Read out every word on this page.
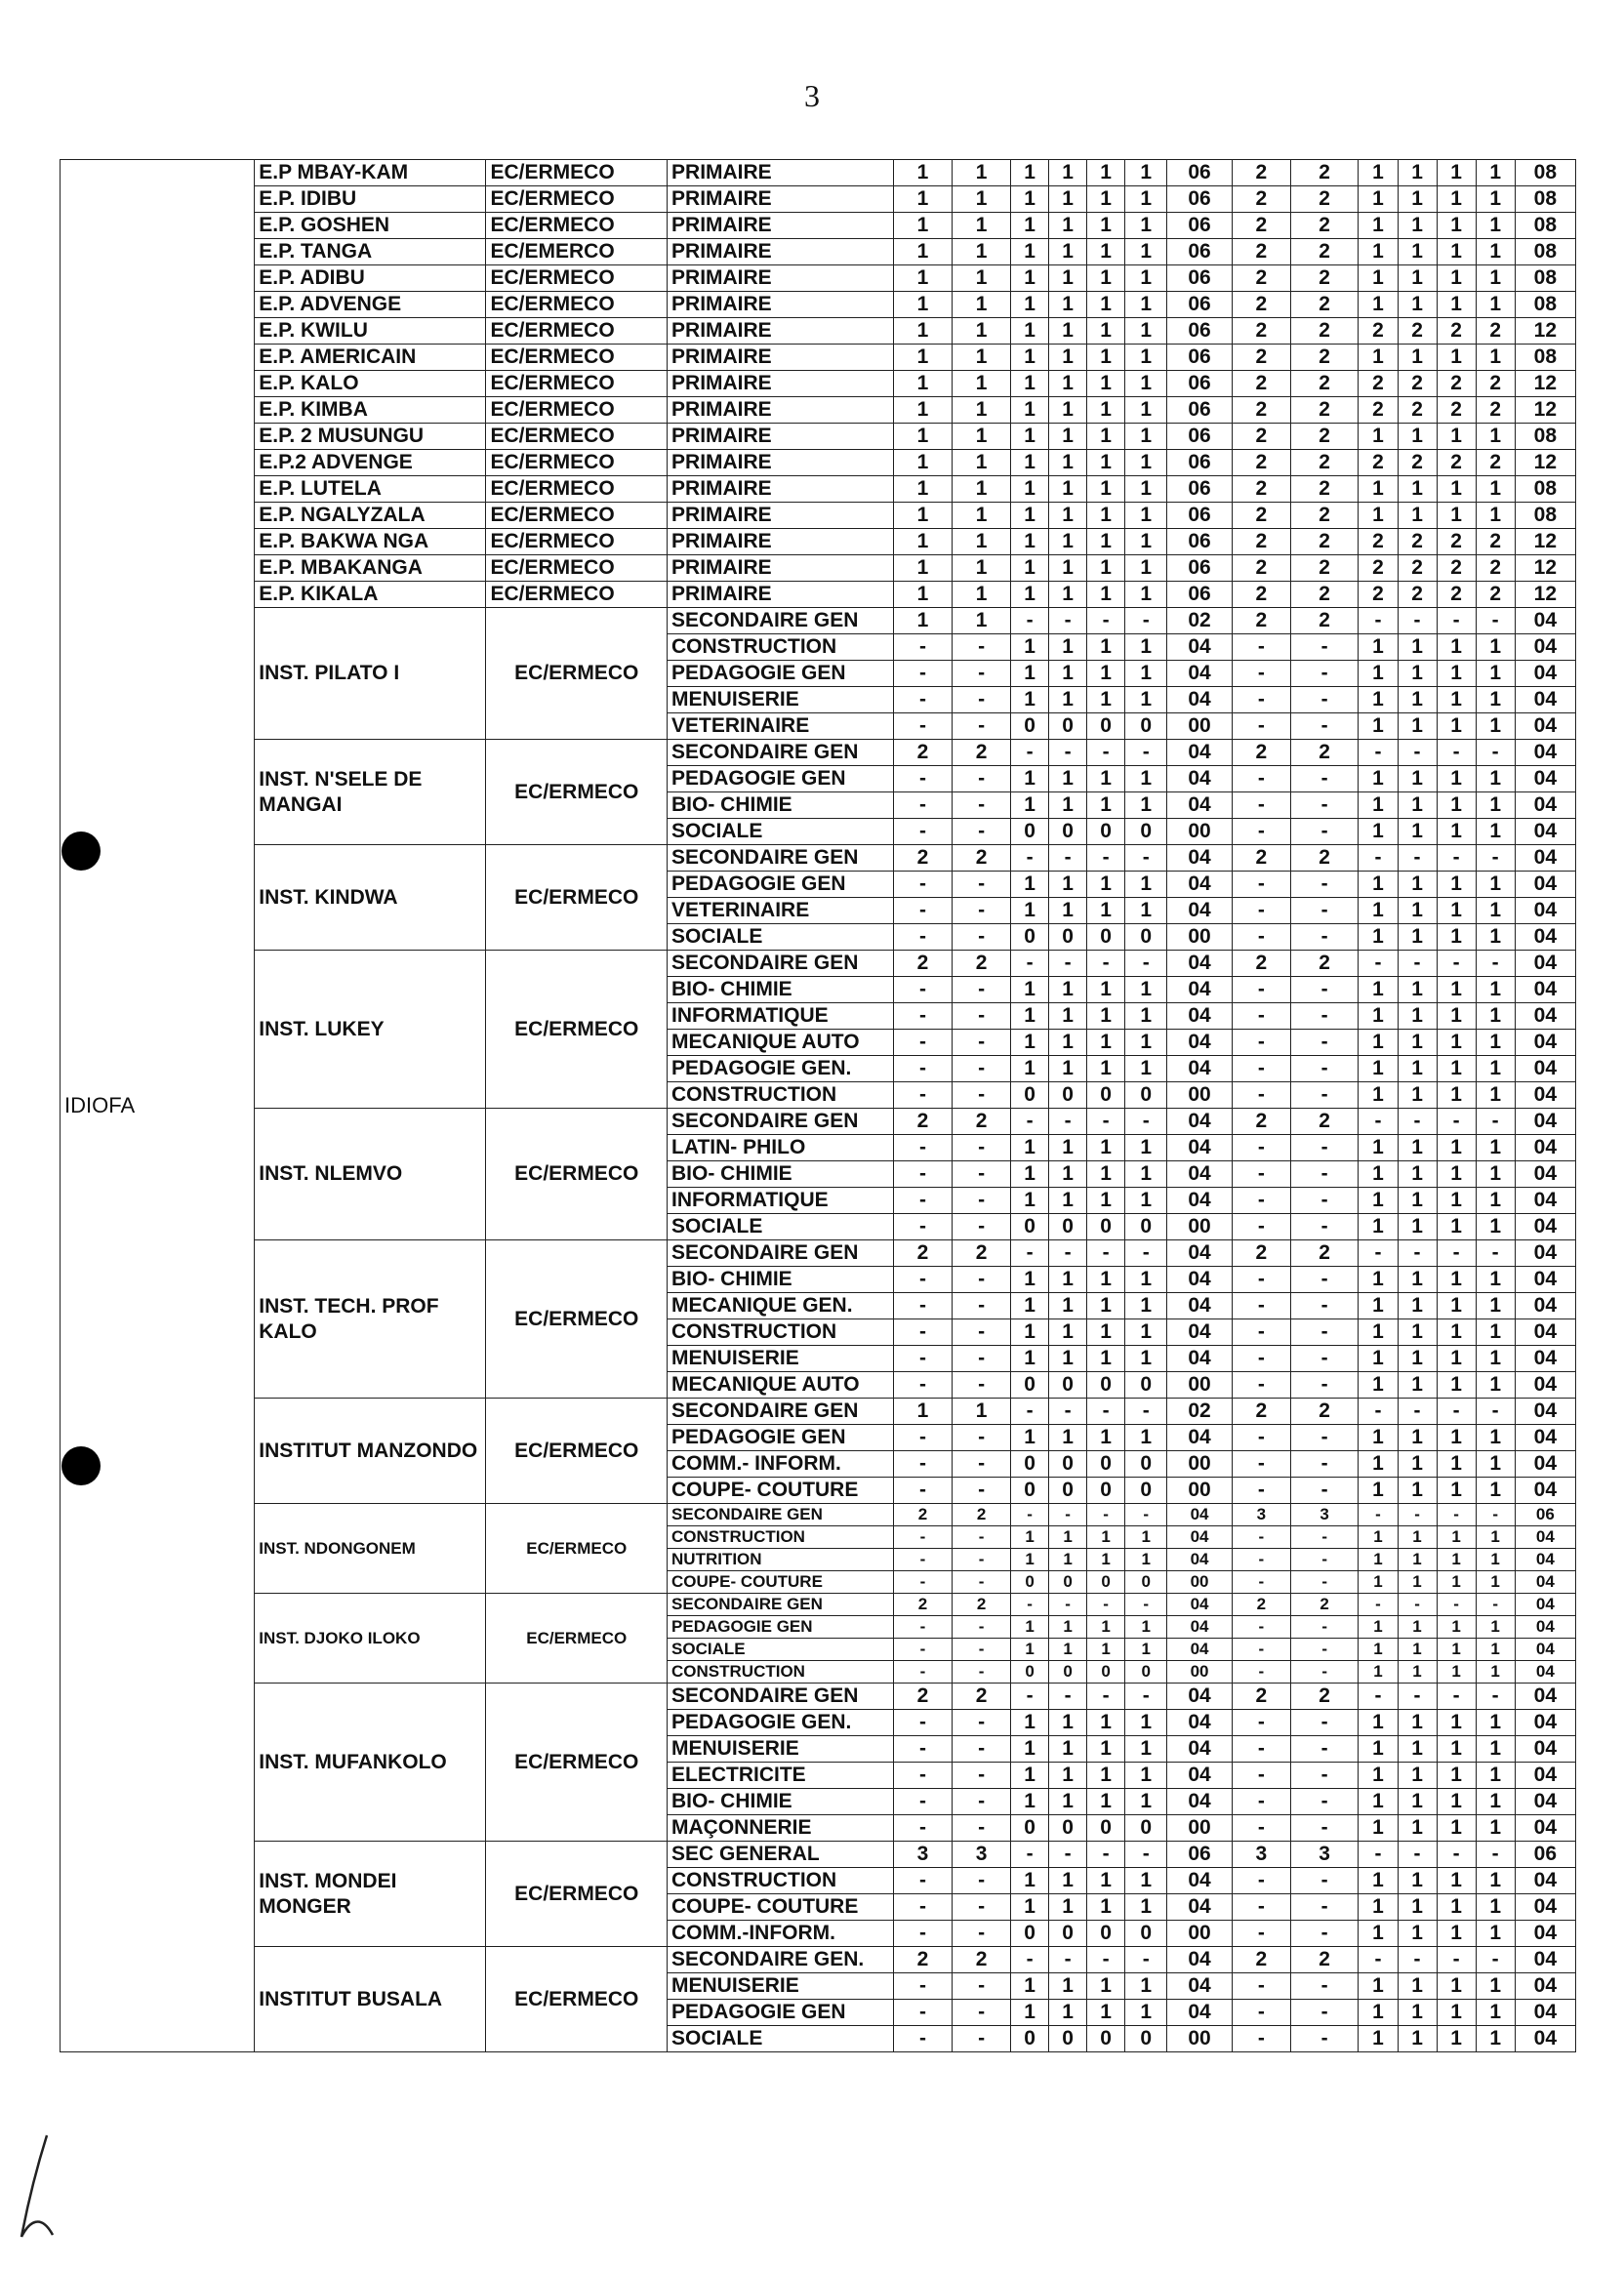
3
IDIOFA	E.P MBAY-KAM	EC/ERMECO	PRIMAIRE	1	1	1	1	1	1	06	2	2	1	1	1	1	08
	E.P. IDIBU	EC/ERMECO	PRIMAIRE	1	1	1	1	1	1	06	2	2	1	1	1	1	08
	E.P. GOSHEN	EC/ERMECO	PRIMAIRE	1	1	1	1	1	1	06	2	2	1	1	1	1	08
	E.P. TANGA	EC/EMERCO	PRIMAIRE	1	1	1	1	1	1	06	2	2	1	1	1	1	08
	E.P. ADIBU	EC/ERMECO	PRIMAIRE	1	1	1	1	1	1	06	2	2	1	1	1	1	08
	E.P. ADVENGE	EC/ERMECO	PRIMAIRE	1	1	1	1	1	1	06	2	2	1	1	1	1	08
	E.P. KWILU	EC/ERMECO	PRIMAIRE	1	1	1	1	1	1	06	2	2	2	2	2	2	12
	E.P. AMERICAIN	EC/ERMECO	PRIMAIRE	1	1	1	1	1	1	06	2	2	1	1	1	1	08
	E.P. KALO	EC/ERMECO	PRIMAIRE	1	1	1	1	1	1	06	2	2	2	2	2	2	12
	E.P. KIMBA	EC/ERMECO	PRIMAIRE	1	1	1	1	1	1	06	2	2	2	2	2	2	12
	E.P. 2 MUSUNGU	EC/ERMECO	PRIMAIRE	1	1	1	1	1	1	06	2	2	1	1	1	1	08
	E.P.2 ADVENGE	EC/ERMECO	PRIMAIRE	1	1	1	1	1	1	06	2	2	2	2	2	2	12
	E.P. LUTELA	EC/ERMECO	PRIMAIRE	1	1	1	1	1	1	06	2	2	1	1	1	1	08
	E.P. NGALYZALA	EC/ERMECO	PRIMAIRE	1	1	1	1	1	1	06	2	2	1	1	1	1	08
	E.P. BAKWA NGA	EC/ERMECO	PRIMAIRE	1	1	1	1	1	1	06	2	2	2	2	2	2	12
	E.P. MBAKANGA	EC/ERMECO	PRIMAIRE	1	1	1	1	1	1	06	2	2	2	2	2	2	12
	E.P. KIKALA	EC/ERMECO	PRIMAIRE	1	1	1	1	1	1	06	2	2	2	2	2	2	12
	INST. PILATO I	EC/ERMECO	SECONDAIRE GEN	1	1	-	-	-	-	02	2	2	-	-	-	-	04
			CONSTRUCTION	-	-	1	1	1	1	04	-	-	1	1	1	1	04
			PEDAGOGIE GEN	-	-	1	1	1	1	04	-	-	1	1	1	1	04
			MENUISERIE	-	-	1	1	1	1	04	-	-	1	1	1	1	04
			VETERINAIRE	-	-	0	0	0	0	00	-	-	1	1	1	1	04
	INST. N'SELE DE MANGAI	EC/ERMECO	SECONDAIRE GEN	2	2	-	-	-	-	04	2	2	-	-	-	-	04
			PEDAGOGIE GEN	-	-	1	1	1	1	04	-	-	1	1	1	1	04
			BIO- CHIMIE	-	-	1	1	1	1	04	-	-	1	1	1	1	04
			SOCIALE	-	-	0	0	0	0	00	-	-	1	1	1	1	04
	INST. KINDWA	EC/ERMECO	SECONDAIRE GEN	2	2	-	-	-	-	04	2	2	-	-	-	-	04
			PEDAGOGIE GEN	-	-	1	1	1	1	04	-	-	1	1	1	1	04
			VETERINAIRE	-	-	1	1	1	1	04	-	-	1	1	1	1	04
			SOCIALE	-	-	0	0	0	0	00	-	-	1	1	1	1	04
	INST. LUKEY	EC/ERMECO	SECONDAIRE GEN	2	2	-	-	-	-	04	2	2	-	-	-	-	04
			BIO- CHIMIE	-	-	1	1	1	1	04	-	-	1	1	1	1	04
			INFORMATIQUE	-	-	1	1	1	1	04	-	-	1	1	1	1	04
			MECANIQUE AUTO	-	-	1	1	1	1	04	-	-	1	1	1	1	04
			PEDAGOGIE GEN.	-	-	1	1	1	1	04	-	-	1	1	1	1	04
			CONSTRUCTION	-	-	0	0	0	0	00	-	-	1	1	1	1	04
	INST. NLEMVO	EC/ERMECO	SECONDAIRE GEN	2	2	-	-	-	-	04	2	2	-	-	-	-	04
			LATIN- PHILO	-	-	1	1	1	1	04	-	-	1	1	1	1	04
			BIO- CHIMIE	-	-	1	1	1	1	04	-	-	1	1	1	1	04
			INFORMATIQUE	-	-	1	1	1	1	04	-	-	1	1	1	1	04
			SOCIALE	-	-	0	0	0	0	00	-	-	1	1	1	1	04
	INST. TECH. PROF KALO	EC/ERMECO	SECONDAIRE GEN	2	2	-	-	-	-	04	2	2	-	-	-	-	04
			BIO- CHIMIE	-	-	1	1	1	1	04	-	-	1	1	1	1	04
			MECANIQUE GEN.	-	-	1	1	1	1	04	-	-	1	1	1	1	04
			CONSTRUCTION	-	-	1	1	1	1	04	-	-	1	1	1	1	04
			MENUISERIE	-	-	1	1	1	1	04	-	-	1	1	1	1	04
			MECANIQUE AUTO	-	-	0	0	0	0	00	-	-	1	1	1	1	04
	INSTITUT MANZONDO	EC/ERMECO	SECONDAIRE GEN	1	1	-	-	-	-	02	2	2	-	-	-	-	04
			PEDAGOGIE GEN	-	-	1	1	1	1	04	-	-	1	1	1	1	04
			COMM.- INFORM.	-	-	0	0	0	0	00	-	-	1	1	1	1	04
			COUPE- COUTURE	-	-	0	0	0	0	00	-	-	1	1	1	1	04
	INST. NDONGONEM	EC/ERMECO	SECONDAIRE GEN	2	2	-	-	-	-	04	3	3	-	-	-	-	06
			CONSTRUCTION	-	-	1	1	1	1	04	-	-	1	1	1	1	04
			NUTRITION	-	-	1	1	1	1	04	-	-	1	1	1	1	04
			COUPE- COUTURE	-	-	0	0	0	0	00	-	-	1	1	1	1	04
	INST. DJOKO ILOKO	EC/ERMECO	SECONDAIRE GEN	2	2	-	-	-	-	04	2	2	-	-	-	-	04
			PEDAGOGIE GEN	-	-	1	1	1	1	04	-	-	1	1	1	1	04
			SOCIALE	-	-	1	1	1	1	04	-	-	1	1	1	1	04
			CONSTRUCTION	-	-	0	0	0	0	00	-	-	1	1	1	1	04
	INST. MUFANKOLO	EC/ERMECO	SECONDAIRE GEN	2	2	-	-	-	-	04	2	2	-	-	-	-	04
			PEDAGOGIE GEN.	-	-	1	1	1	1	04	-	-	1	1	1	1	04
			MENUISERIE	-	-	1	1	1	1	04	-	-	1	1	1	1	04
			ELECTRICITE	-	-	1	1	1	1	04	-	-	1	1	1	1	04
			BIO- CHIMIE	-	-	1	1	1	1	04	-	-	1	1	1	1	04
			MAÇONNERIE	-	-	0	0	0	0	00	-	-	1	1	1	1	04
	INST. MONDEI MONGER	EC/ERMECO	SEC GENERAL	3	3	-	-	-	-	06	3	3	-	-	-	-	06
			CONSTRUCTION	-	-	1	1	1	1	04	-	-	1	1	1	1	04
			COUPE- COUTURE	-	-	1	1	1	1	04	-	-	1	1	1	1	04
			COMM.-INFORM.	-	-	0	0	0	0	00	-	-	1	1	1	1	04
	INSTITUT BUSALA	EC/ERMECO	SECONDAIRE GEN.	2	2	-	-	-	-	04	2	2	-	-	-	-	04
			MENUISERIE	-	-	1	1	1	1	04	-	-	1	1	1	1	04
			PEDAGOGIE GEN	-	-	1	1	1	1	04	-	-	1	1	1	1	04
			SOCIALE	-	-	0	0	0	0	00	-	-	1	1	1	1	04
